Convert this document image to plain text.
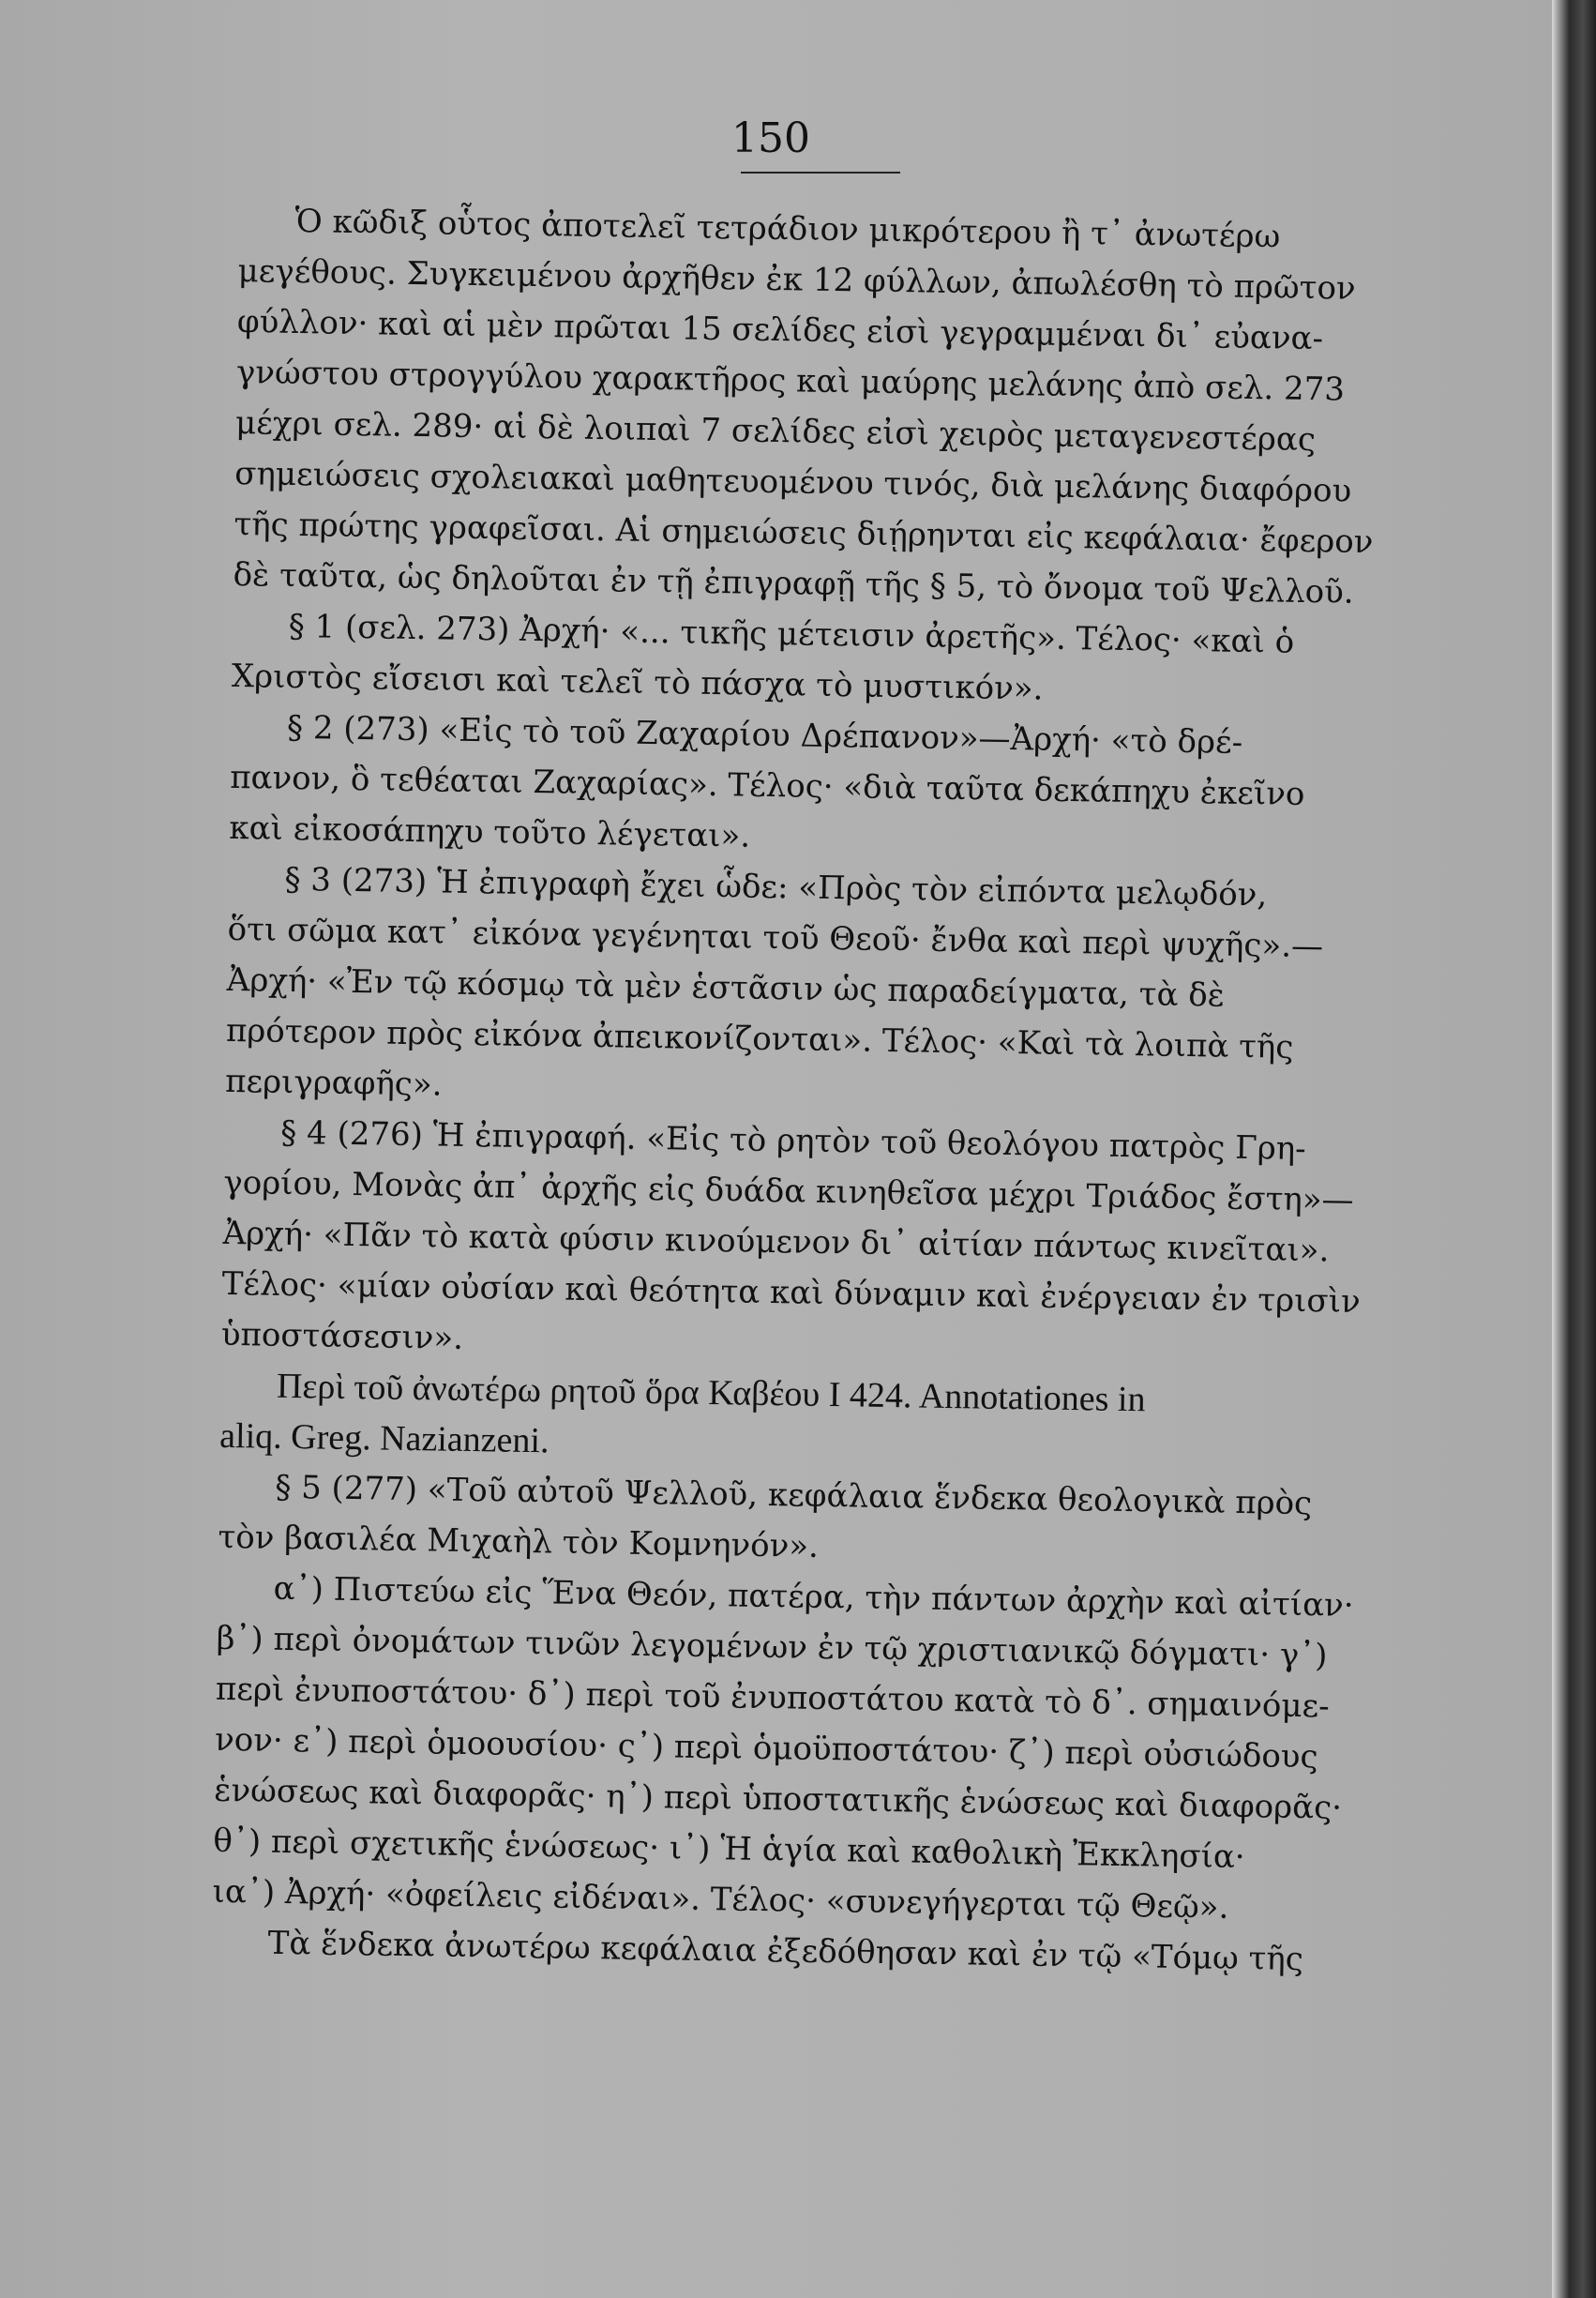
150
Ὁ κῶδιξ οὗτος ἀποτελεῖ τετράδιον μικρότερου ἢ τ᾽ ἀνωτέρω
μεγέθους. Συγκειμένου ἀρχῆθεν ἐκ 12 φύλλων, ἀπωλέσθη τὸ πρῶτον
φύλλον· καὶ αἱ μὲν πρῶται 15 σελίδες εἰσὶ γεγραμμέναι δι᾽ εὐανα-
γνώστου στρογγύλου χαρακτῆρος καὶ μαύρης μελάνης ἀπὸ σελ. 273
μέχρι σελ. 289· αἱ δὲ λοιπαὶ 7 σελίδες εἰσὶ χειρὸς μεταγενεστέρας
σημειώσεις σχολειακαὶ μαθητευομένου τινός, διὰ μελάνης διαφόρου
τῆς πρώτης γραφεῖσαι. Αἱ σημειώσεις διῄρηνται εἰς κεφάλαια· ἔφερον
δὲ ταῦτα, ὡς δηλοῦται ἐν τῇ ἐπιγραφῇ τῆς § 5, τὸ ὄνομα τοῦ Ψελλοῦ.
§ 1 (σελ. 273) Ἀρχή· «... τικῆς μέτεισιν ἀρετῆς». Τέλος· «καὶ ὁ
Χριστὸς εἴσεισι καὶ τελεῖ τὸ πάσχα τὸ μυστικόν».
§ 2 (273) «Εἰς τὸ τοῦ Ζαχαρίου Δρέπανον»—Ἀρχή· «τὸ δρέ-
πανον, ὃ τεθέαται Ζαχαρίας». Τέλος· «διὰ ταῦτα δεκάπηχυ ἐκεῖνο
καὶ εἰκοσάπηχυ τοῦτο λέγεται».
§ 3 (273) Ἡ ἐπιγραφὴ ἔχει ὧδε: «Πρὸς τὸν εἰπόντα μελῳδόν,
ὅτι σῶμα κατ᾽ εἰκόνα γεγένηται τοῦ Θεοῦ· ἔνθα καὶ περὶ ψυχῆς».—
Ἀρχή· «Ἐν τῷ κόσμῳ τὰ μὲν ἑστᾶσιν ὡς παραδείγματα, τὰ δὲ
πρότερον πρὸς εἰκόνα ἀπεικονίζονται». Τέλος· «Καὶ τὰ λοιπὰ τῆς
περιγραφῆς».
§ 4 (276) Ἡ ἐπιγραφή. «Εἰς τὸ ρητὸν τοῦ θεολόγου πατρὸς Γρη-
γορίου, Μονὰς ἀπ᾽ ἀρχῆς εἰς δυάδα κινηθεῖσα μέχρι Τριάδος ἔστη»—
Ἀρχή· «Πᾶν τὸ κατὰ φύσιν κινούμενον δι᾽ αἰτίαν πάντως κινεῖται».
Τέλος· «μίαν οὐσίαν καὶ θεότητα καὶ δύναμιν καὶ ἐνέργειαν ἐν τρισὶν
ὑποστάσεσιν».
Περὶ τοῦ ἀνωτέρω ρητοῦ ὅρα Καβέου I 424. Annotationes in
aliq. Greg. Nazianzeni.
§ 5 (277) «Τοῦ αὐτοῦ Ψελλοῦ, κεφάλαια ἕνδεκα θεολογικὰ πρὸς
τὸν βασιλέα Μιχαὴλ τὸν Κομνηνόν».
α᾽) Πιστεύω εἰς Ἕνα Θεόν, πατέρα, τὴν πάντων ἀρχὴν καὶ αἰτίαν·
β᾽) περὶ ὀνομάτων τινῶν λεγομένων ἐν τῷ χριστιανικῷ δόγματι· γ᾽)
περὶ ἐνυποστάτου· δ᾽) περὶ τοῦ ἐνυποστάτου κατὰ τὸ δ᾽. σημαινόμε-
νον· ε᾽) περὶ ὁμοουσίου· ς᾽) περὶ ὁμοϋποστάτου· ζ᾽) περὶ οὐσιώδους
ἑνώσεως καὶ διαφορᾶς· η᾽) περὶ ὑποστατικῆς ἑνώσεως καὶ διαφορᾶς·
θ᾽) περὶ σχετικῆς ἑνώσεως· ι᾽) Ἡ ἁγία καὶ καθολικὴ Ἐκκλησία·
ια᾽) Ἀρχή· «ὀφείλεις εἰδέναι». Τέλος· «συνεγήγερται τῷ Θεῷ».
Τὰ ἕνδεκα ἀνωτέρω κεφάλαια ἐξεδόθησαν καὶ ἐν τῷ «Τόμῳ τῆς
